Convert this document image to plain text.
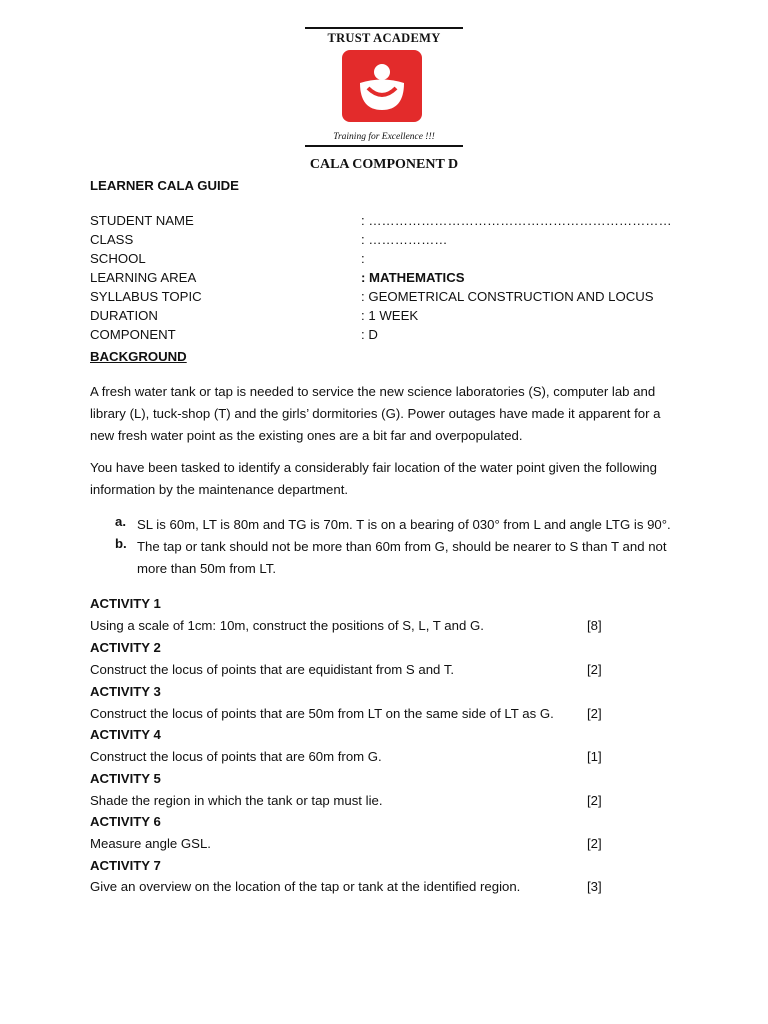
TRUST ACADEMY
Training for Excellence !!!
CALA COMPONENT D
LEARNER CALA GUIDE
STUDENT NAME	: ……………………………………………………………
CLASS	: ………………
SCHOOL	:
LEARNING AREA	: MATHEMATICS
SYLLABUS TOPIC	: GEOMETRICAL CONSTRUCTION AND LOCUS
DURATION	: 1 WEEK
COMPONENT	: D
BACKGROUND
A fresh water tank or tap is needed to service the new science laboratories (S), computer lab and library (L), tuck-shop (T) and the girls’ dormitories (G). Power outages have made it apparent for a new fresh water point as the existing ones are a bit far and overpopulated.
You have been tasked to identify a considerably fair location of the water point given the following information by the maintenance department.
a. SL is 60m, LT is 80m and TG is 70m. T is on a bearing of 030° from L and angle LTG is 90°.
b. The tap or tank should not be more than 60m from G, should be nearer to S than T and not more than 50m from LT.
ACTIVITY 1
Using a scale of 1cm: 10m, construct the positions of S, L, T and G.	[8]
ACTIVITY 2
Construct the locus of points that are equidistant from S and T.	[2]
ACTIVITY 3
Construct the locus of points that are 50m from LT on the same side of LT as G.	[2]
ACTIVITY 4
Construct the locus of points that are 60m from G.	[1]
ACTIVITY 5
Shade the region in which the tank or tap must lie.	[2]
ACTIVITY 6
Measure angle GSL.	[2]
ACTIVITY 7
Give an overview on the location of the tap or tank at the identified region.	[3]
